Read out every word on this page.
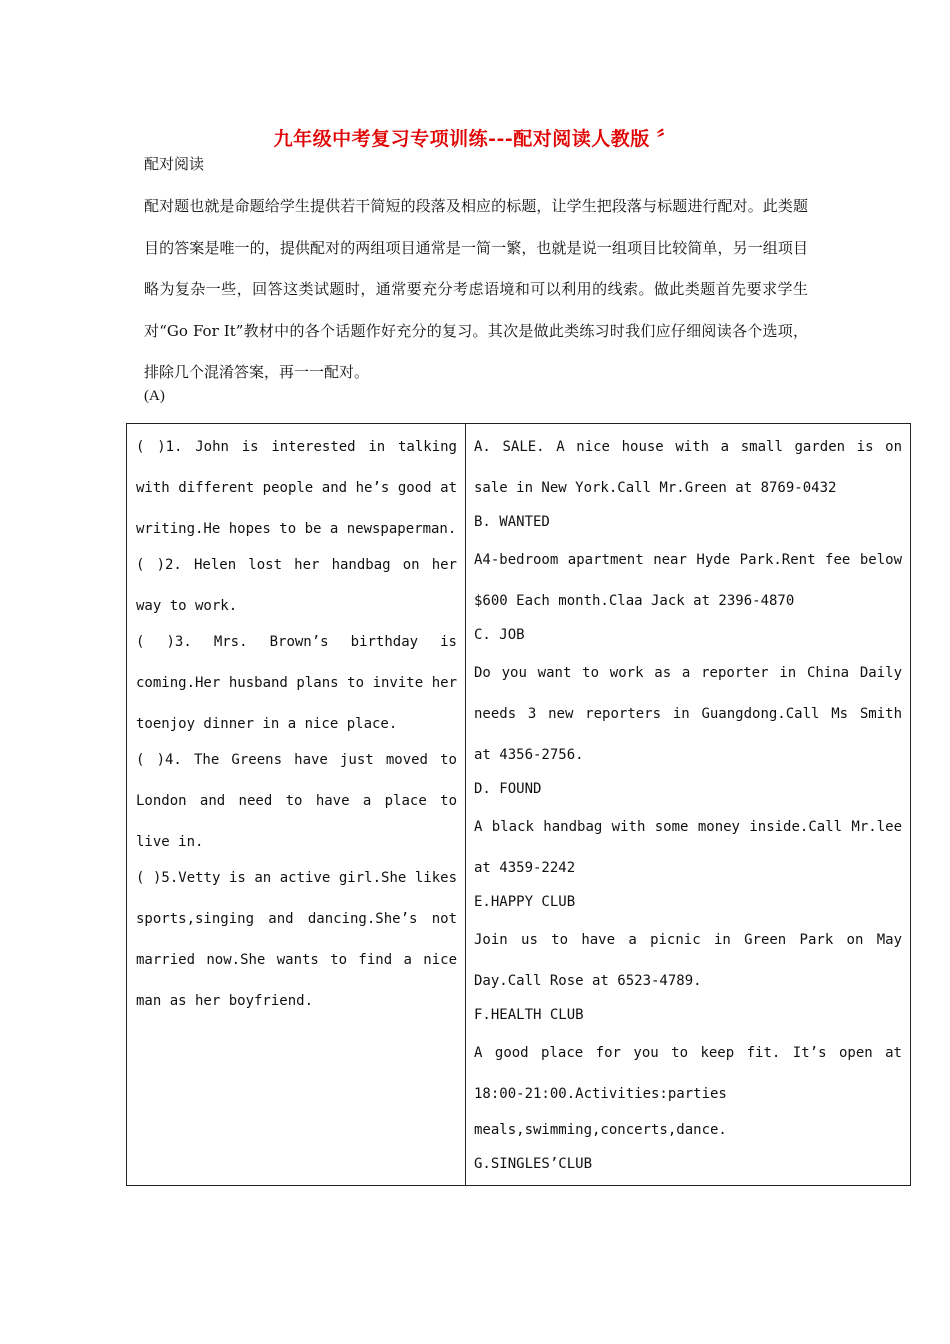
九年级中考复习专项训练---配对阅读人教版 〞
配对阅读
配对题也就是命题给学生提供若干简短的段落及相应的标题，让学生把段落与标题进行配对。此类题目的答案是唯一的，提供配对的两组项目通常是一简一繁，也就是说一组项目比较简单，另一组项目略为复杂一些，回答这类试题时，通常要充分考虑语境和可以利用的线索。做此类题首先要求学生对“Go For It”教材中的各个话题作好充分的复习。其次是做此类练习时我们应仔细阅读各个选项，排除几个混淆答案，再一一配对。
(A)
( )1. John is interested in talking with different people and he’s good at writing.He hopes to be a newspaperman.
( )2. Helen lost her handbag on her way to work.
( )3. Mrs. Brown’s birthday is coming.Her husband plans to invite her toenjoy dinner in a nice place.
( )4. The Greens have just moved to London and need to have a place to live in.
( )5.Vetty is an active girl.She likes sports,singing and dancing.She’s not married now.She wants to find a nice man as her boyfriend.
A. SALE. A nice house with a small garden is on sale in New York.Call Mr.Green at 8769-0432
B. WANTED
A4-bedroom apartment near Hyde Park.Rent fee below $600 Each month.Claa Jack at 2396-4870
C. JOB
Do you want to work as a reporter in China Daily needs 3 new reporters in Guangdong.Call Ms Smith at 4356-2756.
D. FOUND
A black handbag with some money inside.Call Mr.lee at 4359-2242
E.HAPPY CLUB
Join us to have a picnic in Green Park on May Day.Call Rose at 6523-4789.
F.HEALTH CLUB
A good place for you to keep fit. It’s open at 18:00-21:00.Activities:parties
meals,swimming,concerts,dance.
G.SINGLES’CLUB
